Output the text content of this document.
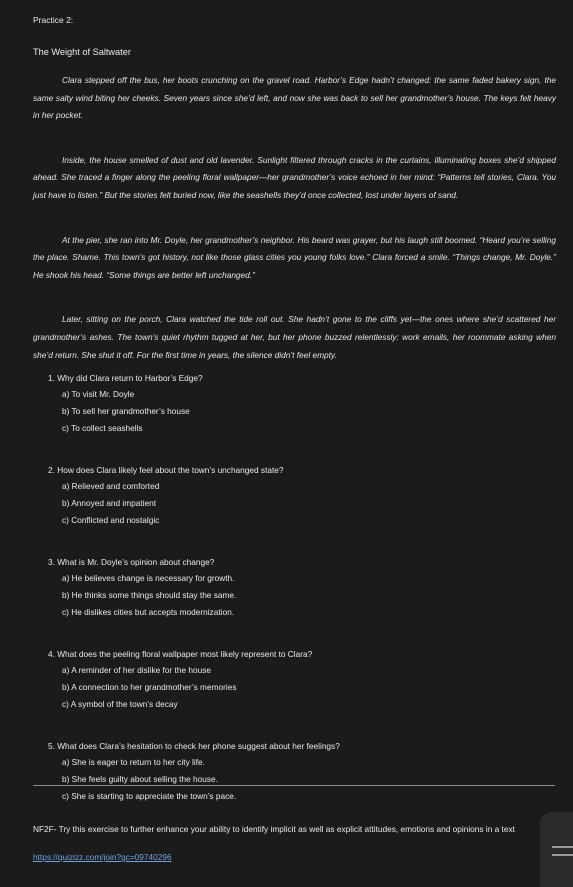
Practice 2:
The Weight of Saltwater

Clara stepped off the bus, her boots crunching on the gravel road. Harbor’s Edge hadn’t changed: the same faded bakery sign, the same salty wind biting her cheeks. Seven years since she’d left, and now she was back to sell her grandmother’s house. The keys felt heavy in her pocket.

Inside, the house smelled of dust and old lavender. Sunlight filtered through cracks in the curtains, illuminating boxes she’d shipped ahead. She traced a finger along the peeling floral wallpaper—her grandmother’s voice echoed in her mind: “Patterns tell stories, Clara. You just have to listen.” But the stories felt buried now, like the seashells they’d once collected, lost under layers of sand.

At the pier, she ran into Mr. Doyle, her grandmother’s neighbor. His beard was grayer, but his laugh still boomed. “Heard you’re selling the place. Shame. This town’s got history, not like those glass cities you young folks love.” Clara forced a smile. “Things change, Mr. Doyle.” He shook his head. “Some things are better left unchanged.”

Later, sitting on the porch, Clara watched the tide roll out. She hadn’t gone to the cliffs yet—the ones where she’d scattered her grandmother’s ashes. The town’s quiet rhythm tugged at her, but her phone buzzed relentlessly: work emails, her roommate asking when she’d return. She shut it off. For the first time in years, the silence didn’t feel empty.

1. Why did Clara return to Harbor’s Edge?
a) To visit Mr. Doyle
b) To sell her grandmother’s house
c) To collect seashells
2. How does Clara likely feel about the town’s unchanged state?
a) Relieved and comforted
b) Annoyed and impatient
c) Conflicted and nostalgic
3. What is Mr. Doyle’s opinion about change?
a) He believes change is necessary for growth.
b) He thinks some things should stay the same.
c) He dislikes cities but accepts modernization.
4. What does the peeling floral wallpaper most likely represent to Clara?
a) A reminder of her dislike for the house
b) A connection to her grandmother’s memories
c) A symbol of the town’s decay
5. What does Clara’s hesitation to check her phone suggest about her feelings?
a) She is eager to return to her city life.
b) She feels guilty about selling the house.
c) She is starting to appreciate the town’s pace.
NF2F- Try this exercise to further enhance your ability to identify implicit as well as explicit attitudes, emotions and opinions in a text
https://quizizz.com/join?gc=09740296
